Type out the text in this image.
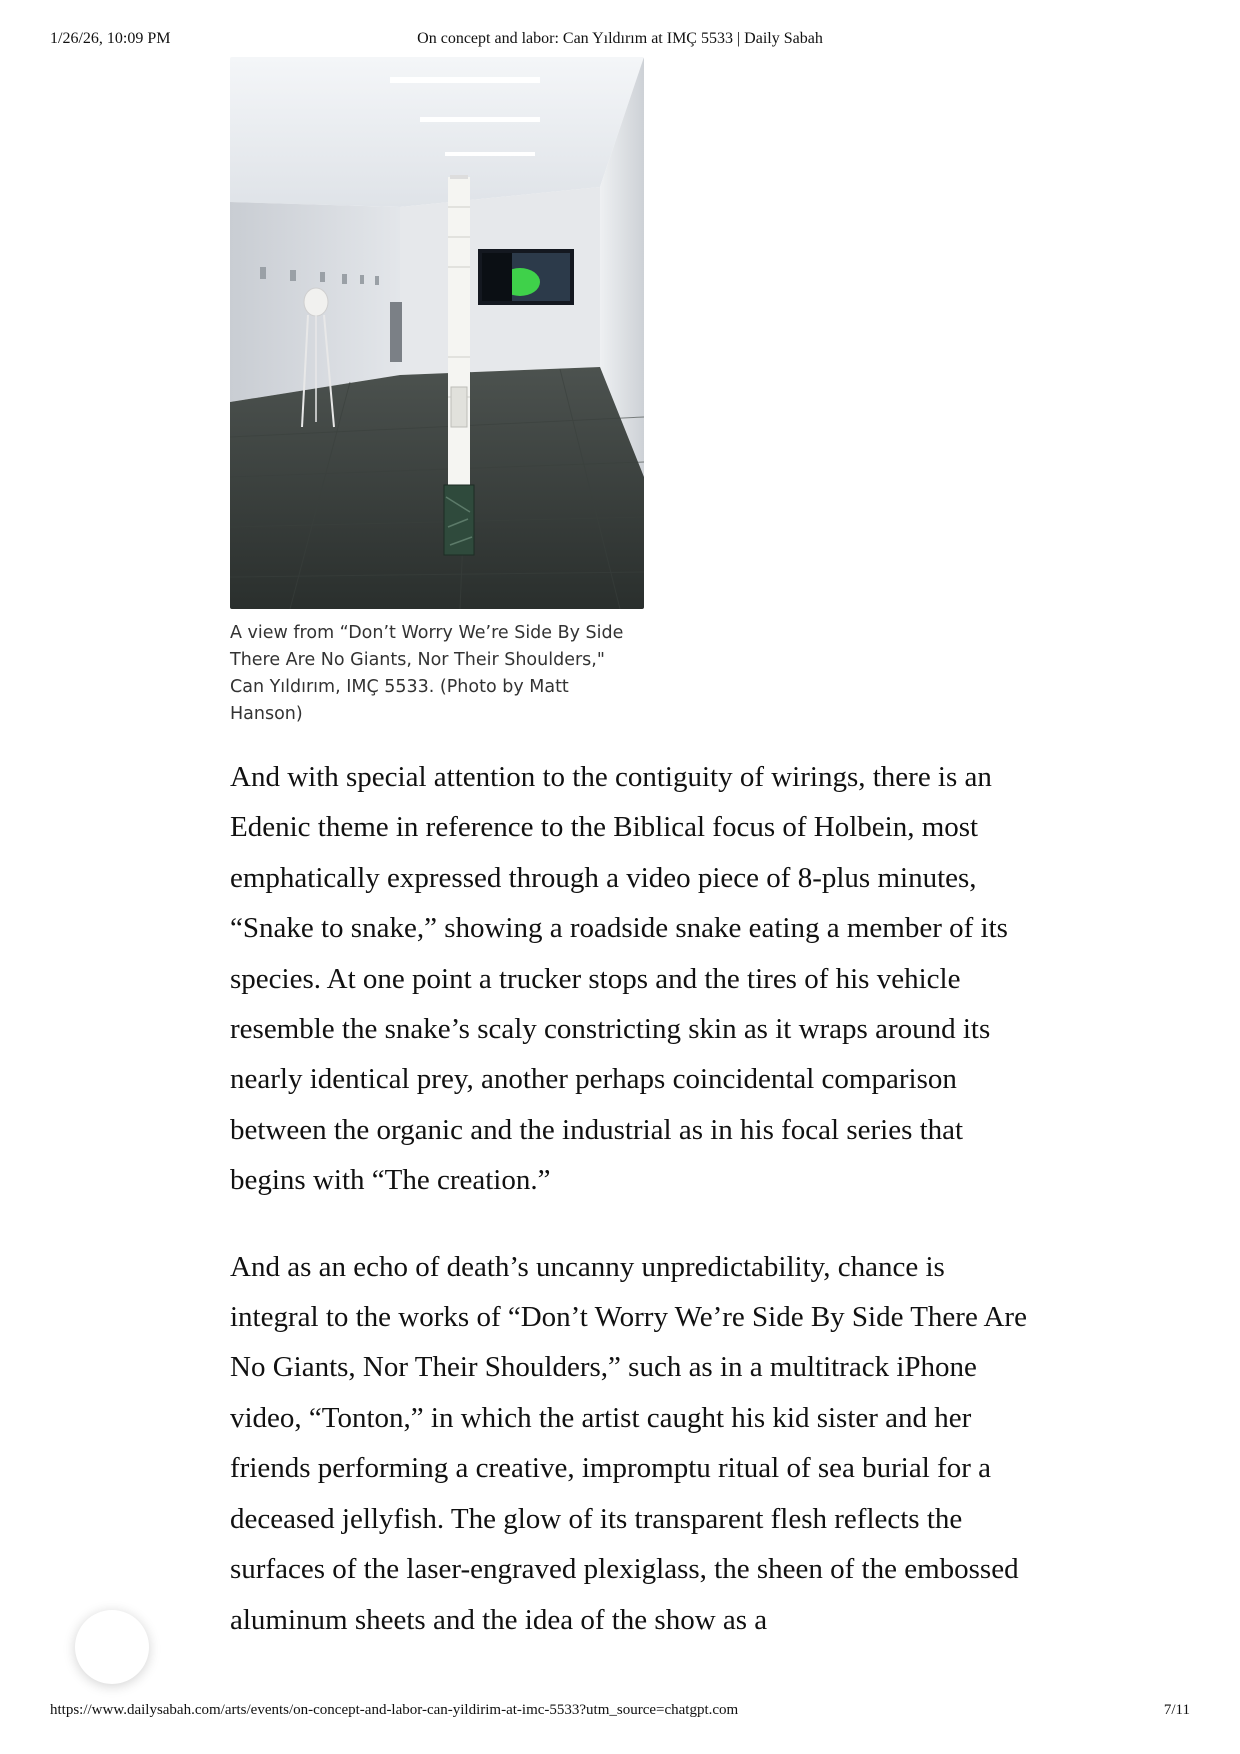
1/26/26, 10:09 PM	On concept and labor: Can Yıldırım at IMÇ 5533 | Daily Sabah
A view from “Don’t Worry We’re Side By Side There Are No Giants, Nor Their Shoulders," Can Yıldırım, IMÇ 5533. (Photo by Matt Hanson)

And with special attention to the contiguity of wirings, there is an Edenic theme in reference to the Biblical focus of Holbein, most emphatically expressed through a video piece of 8-plus minutes, “Snake to snake,” showing a roadside snake eating a member of its species. At one point a trucker stops and the tires of his vehicle resemble the snake’s scaly constricting skin as it wraps around its nearly identical prey, another perhaps coincidental comparison between the organic and the industrial as in his focal series that begins with “The creation.”

And as an echo of death’s uncanny unpredictability, chance is integral to the works of “Don’t Worry We’re Side By Side There Are No Giants, Nor Their Shoulders,” such as in a multitrack iPhone video, “Tonton,” in which the artist caught his kid sister and her friends performing a creative, impromptu ritual of sea burial for a deceased jellyfish. The glow of its transparent flesh reflects the surfaces of the laser-engraved plexiglass, the sheen of the embossed aluminum sheets and the idea of the show as a

https://www.dailysabah.com/arts/events/on-concept-and-labor-can-yildirim-at-imc-5533?utm_source=chatgpt.com	7/11
